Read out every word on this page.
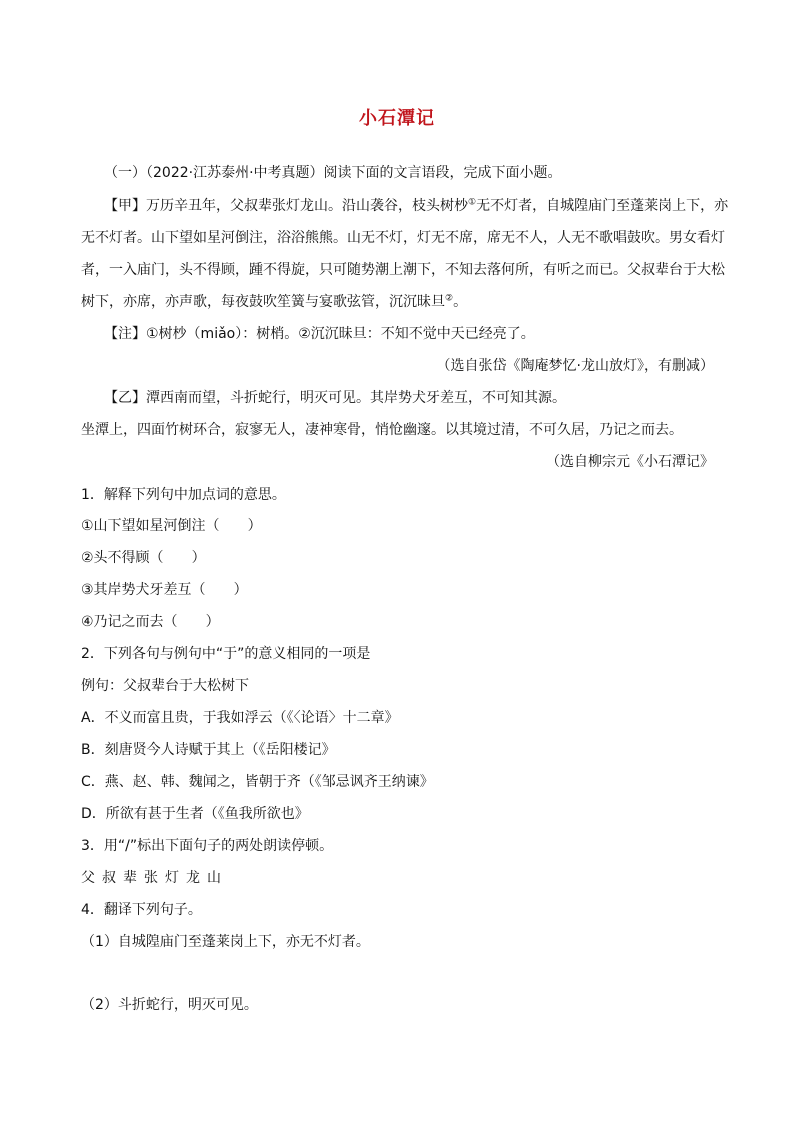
小石潭记
（一）（2022·江苏泰州·中考真题）阅读下面的文言语段，完成下面小题。
【甲】万历辛丑年，父叔辈张灯龙山。沿山袭谷，枝头树杪①无不灯者，自城隍庙门至蓬莱岗上下，亦
无不灯者。山下望如星河倒注，浴浴熊熊。山无不灯，灯无不席，席无不人，人无不歌唱鼓吹。男女看灯
者，一入庙门，头不得顾，踵不得旋，只可随势潮上潮下，不知去落何所，有听之而已。父叔辈台于大松
树下，亦席，亦声歌，每夜鼓吹笙簧与宴歌弦管，沉沉昧旦②。
【注】①树杪（miǎo）：树梢。②沉沉昧旦：不知不觉中天已经亮了。
（选自张岱《陶庵梦忆·龙山放灯》，有删减）
【乙】潭西南而望，斗折蛇行，明灭可见。其岸势犬牙差互，不可知其源。
坐潭上，四面竹树环合，寂寥无人，凄神寒骨，悄怆幽邃。以其境过清，不可久居，乃记之而去。
（选自柳宗元《小石潭记》
1．解释下列句中加点词的意思。
①山下望如星河倒注（ ）
②头不得顾（ ）
③其岸势犬牙差互（ ）
④乃记之而去（ ）
2．下列各句与例句中“于”的意义相同的一项是
例句：父叔辈台于大松树下
A．不义而富且贵，于我如浮云（《〈论语〉十二章》
B．刻唐贤今人诗赋于其上（《岳阳楼记》
C．燕、赵、韩、魏闻之，皆朝于齐（《邹忌讽齐王纳谏》
D．所欲有甚于生者（《鱼我所欲也》
3．用“/”标出下面句子的两处朗读停顿。
父叔辈张灯龙山
4．翻译下列句子。
（1）自城隍庙门至蓬莱岗上下，亦无不灯者。
（2）斗折蛇行，明灭可见。
